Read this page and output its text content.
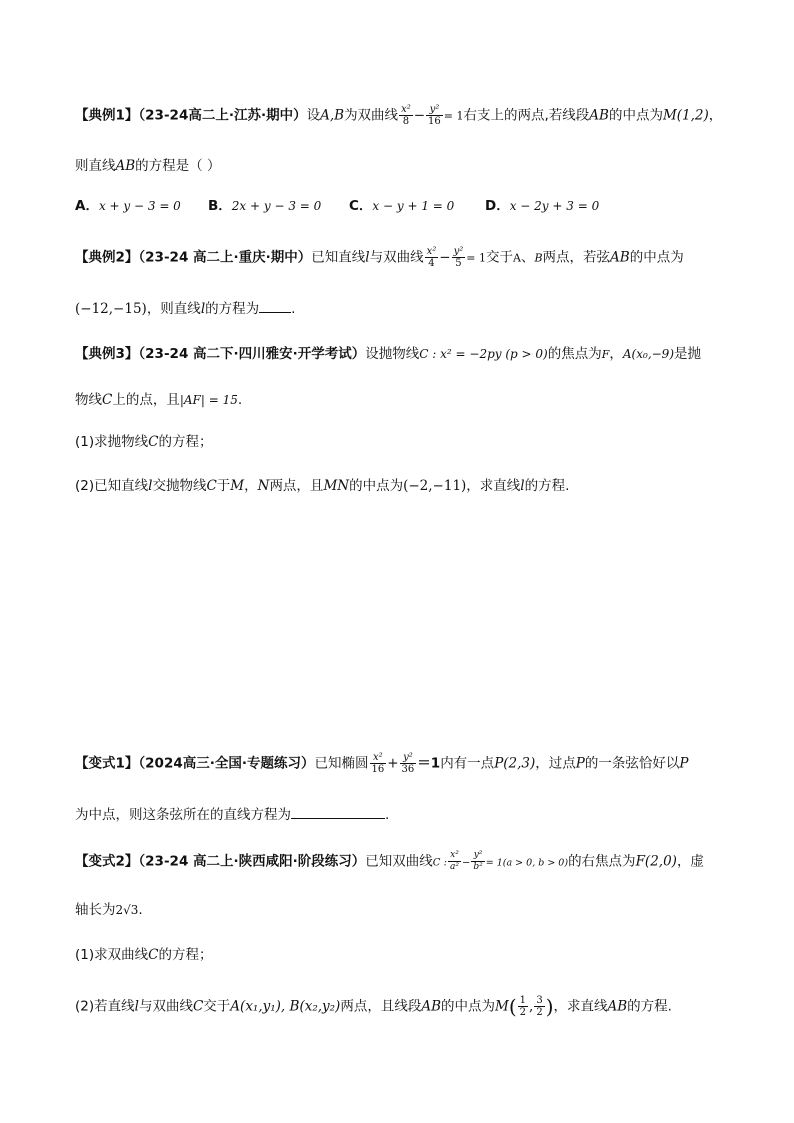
【典例1】（23-24高二上·江苏·期中）设A,B为双曲线 $\frac{\text{x²}}{8} - \frac{\text{y²}}{16} = 1$右支上的两点,若线段AB的中点为M(1,2)，
则直线AB的方程是（ ）
A．x + y − 3 = 0 B．2x + y − 3 = 0 C．x − y + 1 = 0 D．x − 2y + 3 = 0
【典例2】（23-24 高二上·重庆·期中）已知直线l与双曲线 $\frac{\text{x²}}{4} - \frac{\text{y²}}{5} = 1$交于A、B两点，若弦AB的中点为
(−12,−15)，则直线l的方程为 .
【典例3】（23-24 高二下·四川雅安·开学考试）设抛物线C : x² = −2py (p > 0)的焦点为F，A(x₀,−9)是抛
物线C上的点，且|AF| = 15.
(1)求抛物线C的方程；
(2)已知直线l交抛物线C于M，N两点，且MN的中点为(−2,−11)，求直线l的方程.
【变式1】（2024高三·全国·专题练习）已知椭圆 $\frac{\text{x²}}{16} + \frac{\text{y²}}{36} =1$内有一点P(2,3)，过点P的一条弦恰好以P
为中点，则这条弦所在的直线方程为	.
【变式2】（23-24 高二上·陕西咸阳·阶段练习）已知双曲线C : $\frac{\text{x²}}{\text{a²}} - \frac{\text{y²}}{\text{b²}} = 1(a > 0$, b > 0)的右焦点为F(2,0)，虚
轴长为2√3.
(1)求双曲线C的方程；
(2)若直线l与双曲线C交于A(x₁,y₁), B(x₂,y₂)两点，且线段AB的中点为$M( \frac{1}{2}$ , $\frac{3}{2}$ )，求直线AB的方程.
